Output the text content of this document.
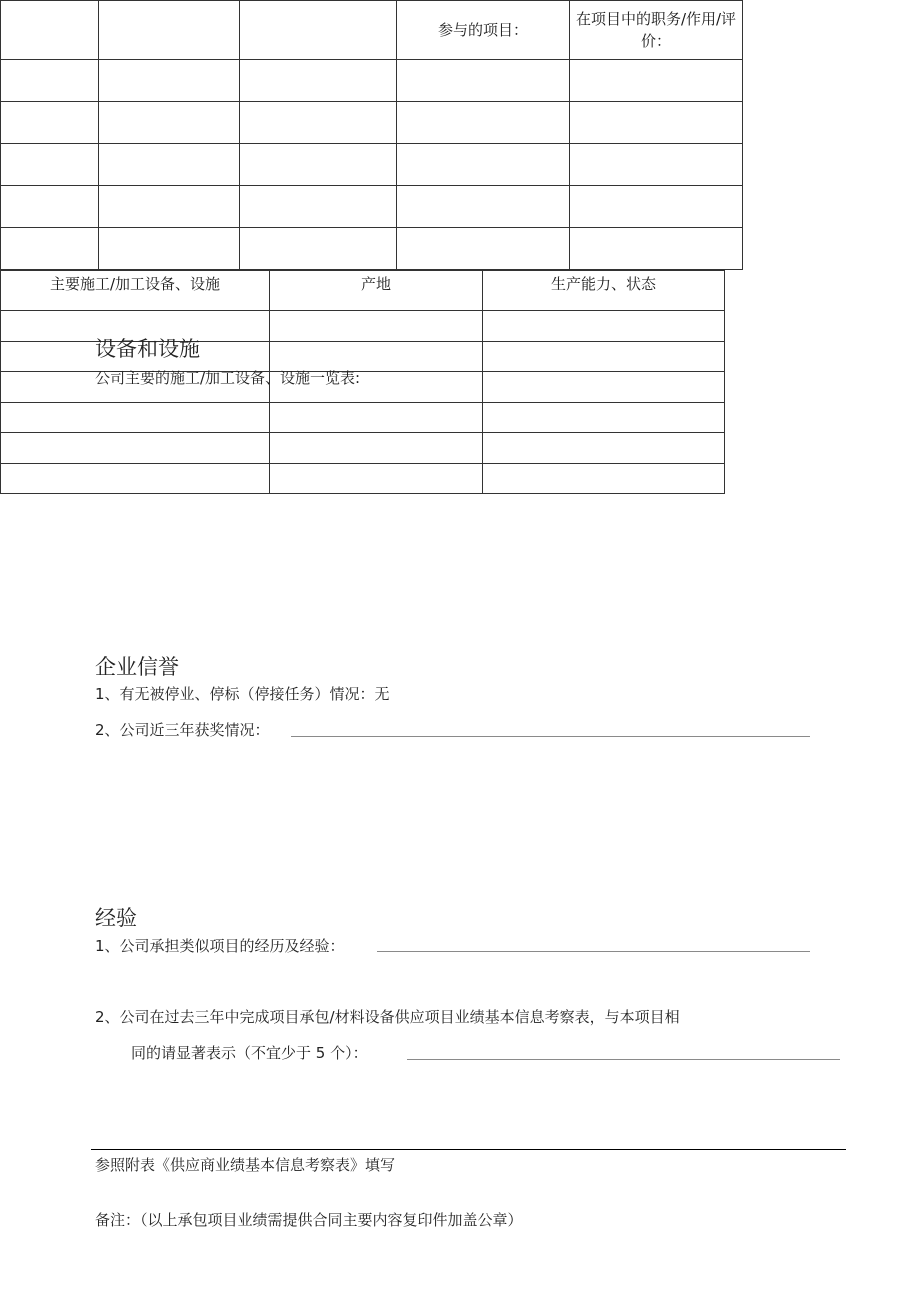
			参与的项目：	在项目中的职务/作用/评价：

设备和设施
公司主要的施工/加工设备、设施一览表:
主要施工/加工设备、设施	产地	生产能力、状态

企业信誉
1、有无被停业、停标（停接任务）情况：无
2、公司近三年获奖情况：
经验
1、公司承担类似项目的经历及经验：
2、公司在过去三年中完成项目承包/材料设备供应项目业绩基本信息考察表，与本项目相
同的请显著表示（不宜少于 5 个）：
参照附表《供应商业绩基本信息考察表》填写
备注：（以上承包项目业绩需提供合同主要内容复印件加盖公章）
